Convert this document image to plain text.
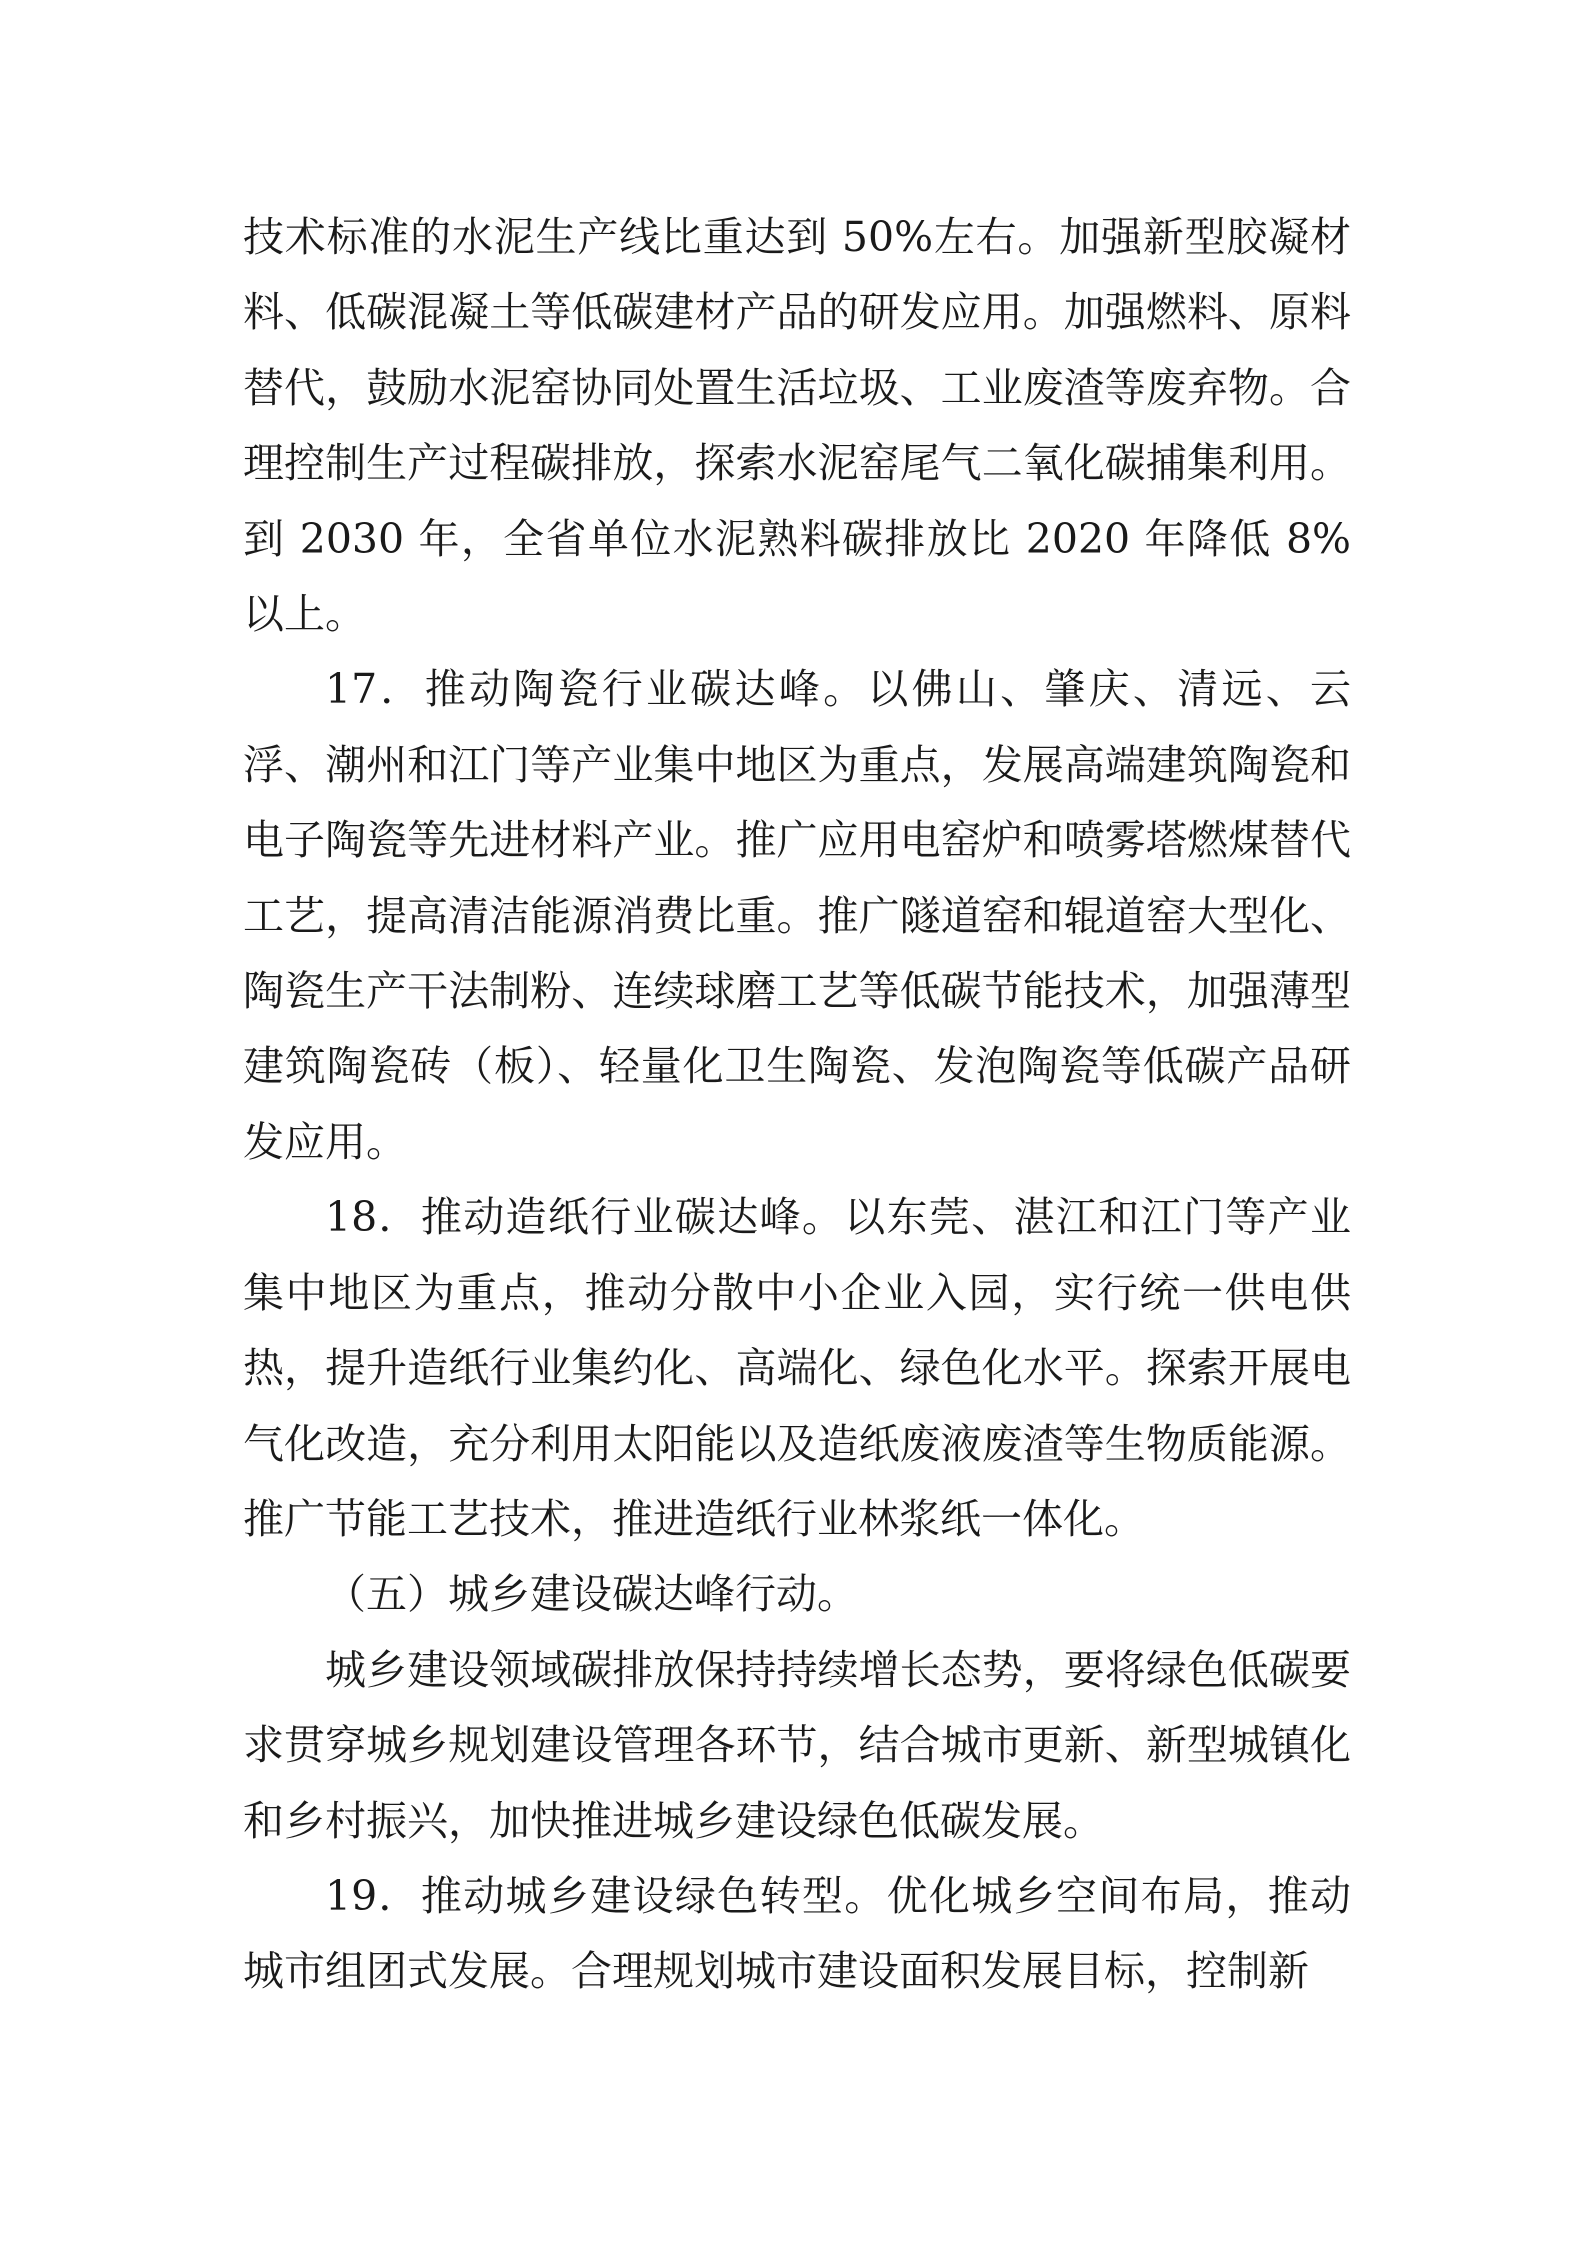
技术标准的水泥生产线比重达到 50%左右。加强新型胶凝材料、低碳混凝土等低碳建材产品的研发应用。加强燃料、原料替代，鼓励水泥窑协同处置生活垃圾、工业废渣等废弃物。合理控制生产过程碳排放，探索水泥窑尾气二氧化碳捕集利用。到 2030 年，全省单位水泥熟料碳排放比 2020 年降低 8%以上。

17．推动陶瓷行业碳达峰。以佛山、肇庆、清远、云浮、潮州和江门等产业集中地区为重点，发展高端建筑陶瓷和电子陶瓷等先进材料产业。推广应用电窑炉和喷雾塔燃煤替代工艺，提高清洁能源消费比重。推广隧道窑和辊道窑大型化、陶瓷生产干法制粉、连续球磨工艺等低碳节能技术，加强薄型建筑陶瓷砖（板）、轻量化卫生陶瓷、发泡陶瓷等低碳产品研发应用。

18．推动造纸行业碳达峰。以东莞、湛江和江门等产业集中地区为重点，推动分散中小企业入园，实行统一供电供热，提升造纸行业集约化、高端化、绿色化水平。探索开展电气化改造，充分利用太阳能以及造纸废液废渣等生物质能源。推广节能工艺技术，推进造纸行业林浆纸一体化。

（五）城乡建设碳达峰行动。

城乡建设领域碳排放保持持续增长态势，要将绿色低碳要求贯穿城乡规划建设管理各环节，结合城市更新、新型城镇化和乡村振兴，加快推进城乡建设绿色低碳发展。

19．推动城乡建设绿色转型。优化城乡空间布局，推动城市组团式发展。合理规划城市建设面积发展目标，控制新
